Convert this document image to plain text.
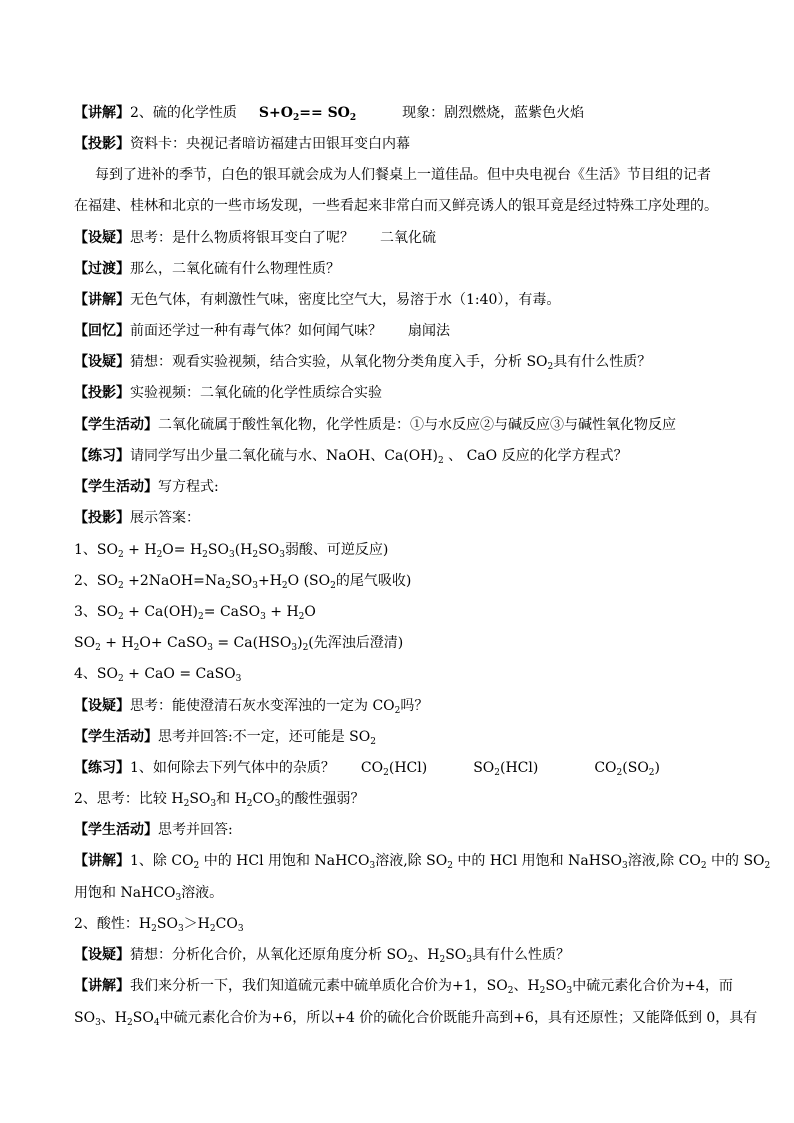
【讲解】2、硫的化学性质 $S+O_2== SO_2$	现象：剧烈燃烧，蓝紫色火焰
【投影】资料卡：央视记者暗访福建古田银耳变白内幕
每到了进补的季节，白色的银耳就会成为人们餐桌上一道佳品。但中央电视台《生活》节目组的记者
在福建、桂林和北京的一些市场发现，一些看起来非常白而又鲜亮诱人的银耳竟是经过特殊工序处理的。
【设疑】思考：是什么物质将银耳变白了呢？ 二氧化硫
【过渡】那么，二氧化硫有什么物理性质？
【讲解】无色气体，有刺激性气味，密度比空气大，易溶于水（1:40），有毒。
【回忆】前面还学过一种有毒气体？如何闻气味？ 扇闻法
【设疑】猜想：观看实验视频，结合实验，从氧化物分类角度入手，分析 $SO_2$具有什么性质？
【投影】实验视频：二氧化硫的化学性质综合实验
【学生活动】二氧化硫属于酸性氧化物，化学性质是：①与水反应②与碱反应③与碱性氧化物反应
【练习】请同学写出少量二氧化硫与水、NaOH、$Ca(OH)_2$ 、 CaO 反应的化学方程式？
【学生活动】写方程式:
【投影】展示答案：
1、$SO_2 + H_2O= H_2SO_3(H_2SO_3$弱酸、可逆反应)
2、$SO_2$ $+2NaOH=Na_2SO_3+H_2O$ ($SO_2$的尾气吸收)
3、$SO_2 + Ca(OH)_2=$ CaSO$_3$ + $H_2O$
$SO_2 + H_2O+$ CaSO$_3$ = $Ca(HSO_3)_2$(先浑浊后澄清)
4、$SO_2$ + CaO = CaSO$_3$
【设疑】思考：能使澄清石灰水变浑浊的一定为 $CO_2$吗？
【学生活动】思考并回答:不一定，还可能是 $SO_2$
【练习】1、如何除去下列气体中的杂质？ $CO_2(HCl)$	$SO_2(HCl)$	$CO_2(SO_2)$
2、思考：比较 $H_2SO_3$和 $H_2CO_3$的酸性强弱？
【学生活动】思考并回答:
【讲解】1、除 $CO_2$ 中的 HCl 用饱和 NaHCO$_3$溶液,除 $SO_2$ 中的 HCl 用饱和 NaHSO$_3$溶液,除 $CO_2$ 中的 $SO_2$
用饱和 NaHCO$_3$溶液。
2、酸性：$H_2SO_3>H_2CO_3$
【设疑】猜想：分析化合价，从氧化还原角度分析 $SO_2$、$H_2SO_3$具有什么性质？
【讲解】我们来分析一下，我们知道硫元素中硫单质化合价为+1，$SO_2$、$H_2SO_3$中硫元素化合价为+4，而
$SO_3$、$H_2SO_4$中硫元素化合价为+6，所以+4 价的硫化合价既能升高到+6，具有还原性；又能降低到 0，具有
